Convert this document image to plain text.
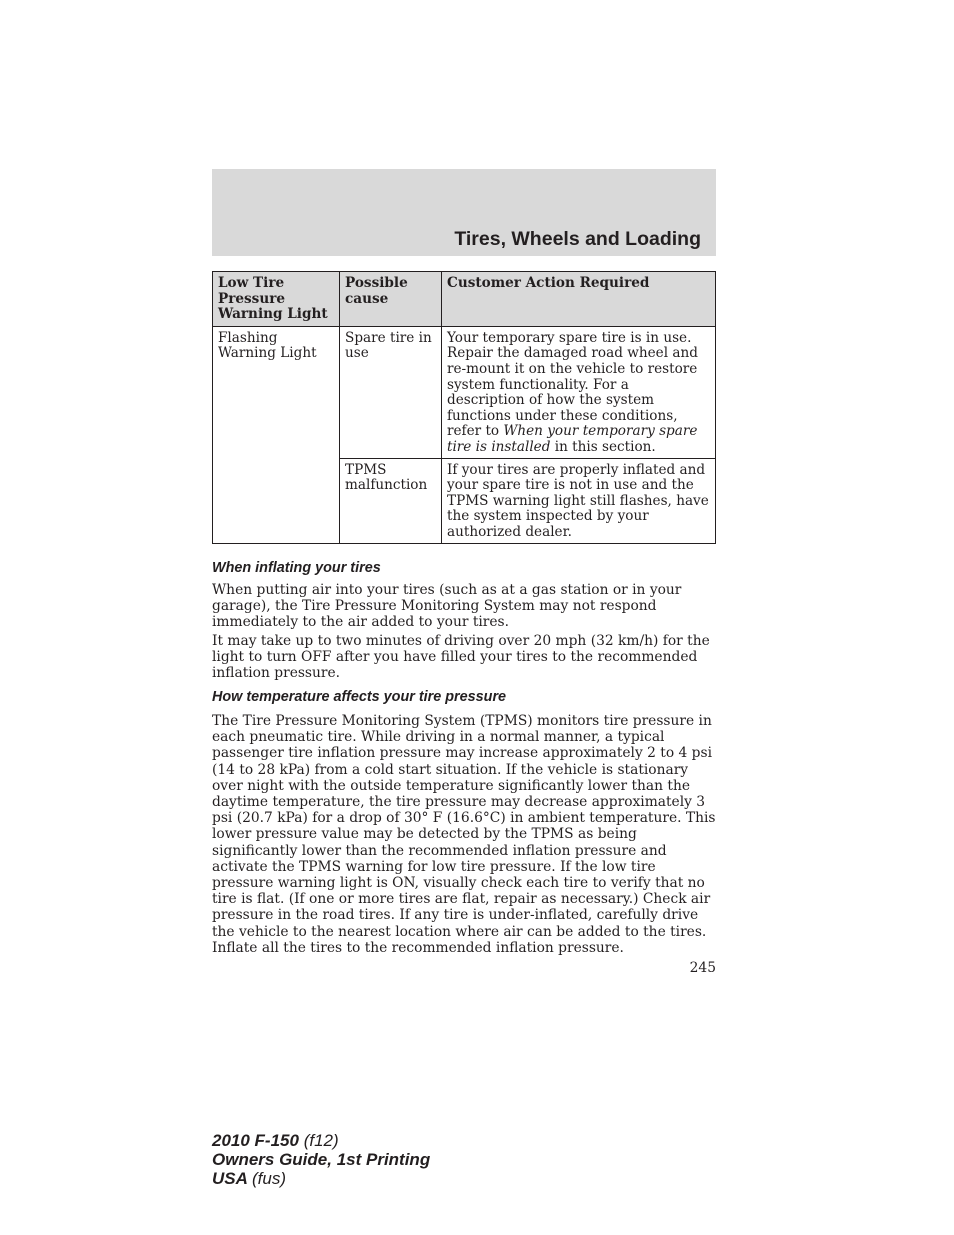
Tires, Wheels and Loading
Low Tire Pressure Warning Light	Possible cause	Customer Action Required
Flashing Warning Light	Spare tire in use	Your temporary spare tire is in use. Repair the damaged road wheel and re-mount it on the vehicle to restore system functionality. For a description of how the system functions under these conditions, refer to When your temporary spare tire is installed in this section.
	TPMS malfunction	If your tires are properly inflated and your spare tire is not in use and the TPMS warning light still flashes, have the system inspected by your authorized dealer.
When inflating your tires
When putting air into your tires (such as at a gas station or in your garage), the Tire Pressure Monitoring System may not respond immediately to the air added to your tires.
It may take up to two minutes of driving over 20 mph (32 km/h) for the light to turn OFF after you have filled your tires to the recommended inflation pressure.
How temperature affects your tire pressure
The Tire Pressure Monitoring System (TPMS) monitors tire pressure in each pneumatic tire. While driving in a normal manner, a typical passenger tire inflation pressure may increase approximately 2 to 4 psi (14 to 28 kPa) from a cold start situation. If the vehicle is stationary over night with the outside temperature significantly lower than the daytime temperature, the tire pressure may decrease approximately 3 psi (20.7 kPa) for a drop of 30° F (16.6°C) in ambient temperature. This lower pressure value may be detected by the TPMS as being significantly lower than the recommended inflation pressure and activate the TPMS warning for low tire pressure. If the low tire pressure warning light is ON, visually check each tire to verify that no tire is flat. (If one or more tires are flat, repair as necessary.) Check air pressure in the road tires. If any tire is under-inflated, carefully drive the vehicle to the nearest location where air can be added to the tires. Inflate all the tires to the recommended inflation pressure.
245
2010 F-150 (f12)
Owners Guide, 1st Printing
USA (fus)
